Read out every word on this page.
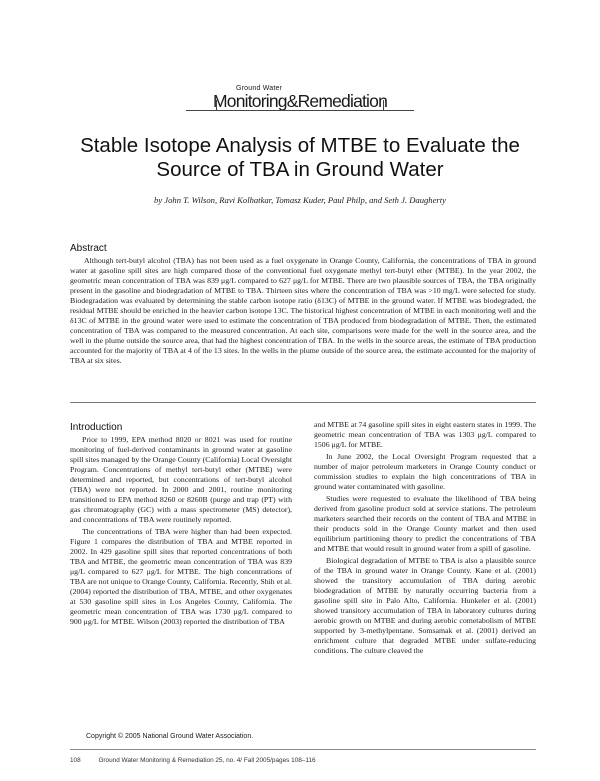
Ground Water
Monitoring&Remediation
Stable Isotope Analysis of MTBE to Evaluate the Source of TBA in Ground Water
by John T. Wilson, Ravi Kolhatkar, Tomasz Kuder, Paul Philp, and Seth J. Daugherty
Abstract

Although tert-butyl alcohol (TBA) has not been used as a fuel oxygenate in Orange County, California, the concentrations of TBA in ground water at gasoline spill sites are high compared those of the conventional fuel oxygenate methyl tert-butyl ether (MTBE). In the year 2002, the geometric mean concentration of TBA was 839 μg/L compared to 627 μg/L for MTBE. There are two plausible sources of TBA, the TBA originally present in the gasoline and biodegradation of MTBE to TBA. Thirteen sites where the concentration of TBA was >10 mg/L were selected for study. Biodegradation was evaluated by determining the stable carbon isotope ratio (δ13C) of MTBE in the ground water. If MTBE was biodegraded, the residual MTBE should be enriched in the heavier carbon isotope 13C. The historical highest concentration of MTBE in each monitoring well and the δ13C of MTBE in the ground water were used to estimate the concentration of TBA produced from biodegradation of MTBE. Then, the estimated concentration of TBA was compared to the measured concentration. At each site, comparisons were made for the well in the source area, and the well in the plume outside the source area, that had the highest concentration of TBA. In the wells in the source areas, the estimate of TBA production accounted for the majority of TBA at 4 of the 13 sites. In the wells in the plume outside of the source area, the estimate accounted for the majority of TBA at six sites.

Introduction

Prior to 1999, EPA method 8020 or 8021 was used for routine monitoring of fuel-derived contaminants in ground water at gasoline spill sites managed by the Orange County (California) Local Oversight Program. Concentrations of methyl tert-butyl ether (MTBE) were determined and reported, but concentrations of tert-butyl alcohol (TBA) were not reported. In 2000 and 2001, routine monitoring transitioned to EPA method 8260 or 8260B (purge and trap (PT) with gas chromatography (GC) with a mass spectrometer (MS) detector), and concentrations of TBA were routinely reported.

The concentrations of TBA were higher than had been expected. Figure 1 compares the distribution of TBA and MTBE reported in 2002. In 429 gasoline spill sites that reported concentrations of both TBA and MTBE, the geometric mean concentration of TBA was 839 μg/L compared to 627 μg/L for MTBE. The high concentrations of TBA are not unique to Orange County, California. Recently, Shih et al. (2004) reported the distribution of TBA, MTBE, and other oxygenates at 530 gasoline spill sites in Los Angeles County, California. The geometric mean concentration of TBA was 1730 μg/L compared to 900 μg/L for MTBE. Wilson (2003) reported the distribution of TBA

and MTBE at 74 gasoline spill sites in eight eastern states in 1999. The geometric mean concentration of TBA was 1303 μg/L compared to 1506 μg/L for MTBE.

In June 2002, the Local Oversight Program requested that a number of major petroleum marketers in Orange County conduct or commission studies to explain the high concentrations of TBA in ground water contaminated with gasoline.

Studies were requested to evaluate the likelihood of TBA being derived from gasoline product sold at service stations. The petroleum marketers searched their records on the content of TBA and MTBE in their products sold in the Orange County market and then used equilibrium partitioning theory to predict the concentrations of TBA and MTBE that would result in ground water from a spill of gasoline.

Biological degradation of MTBE to TBA is also a plausible source of the TBA in ground water in Orange County. Kane et al. (2001) showed the transitory accumulation of TBA during aerobic biodegradation of MTBE by naturally occurring bacteria from a gasoline spill site in Palo Alto, California. Hunkeler et al. (2001) showed transitory accumulation of TBA in laboratory cultures during aerobic growth on MTBE and during aerobic cometabolism of MTBE supported by 3-methylpentane. Somsamak et al. (2001) derived an enrichment culture that degraded MTBE under sulfate-reducing conditions. The culture cleaved the

Copyright © 2005 National Ground Water Association.
108	Ground Water Monitoring & Remediation 25, no. 4/ Fall 2005/pages 108–116
